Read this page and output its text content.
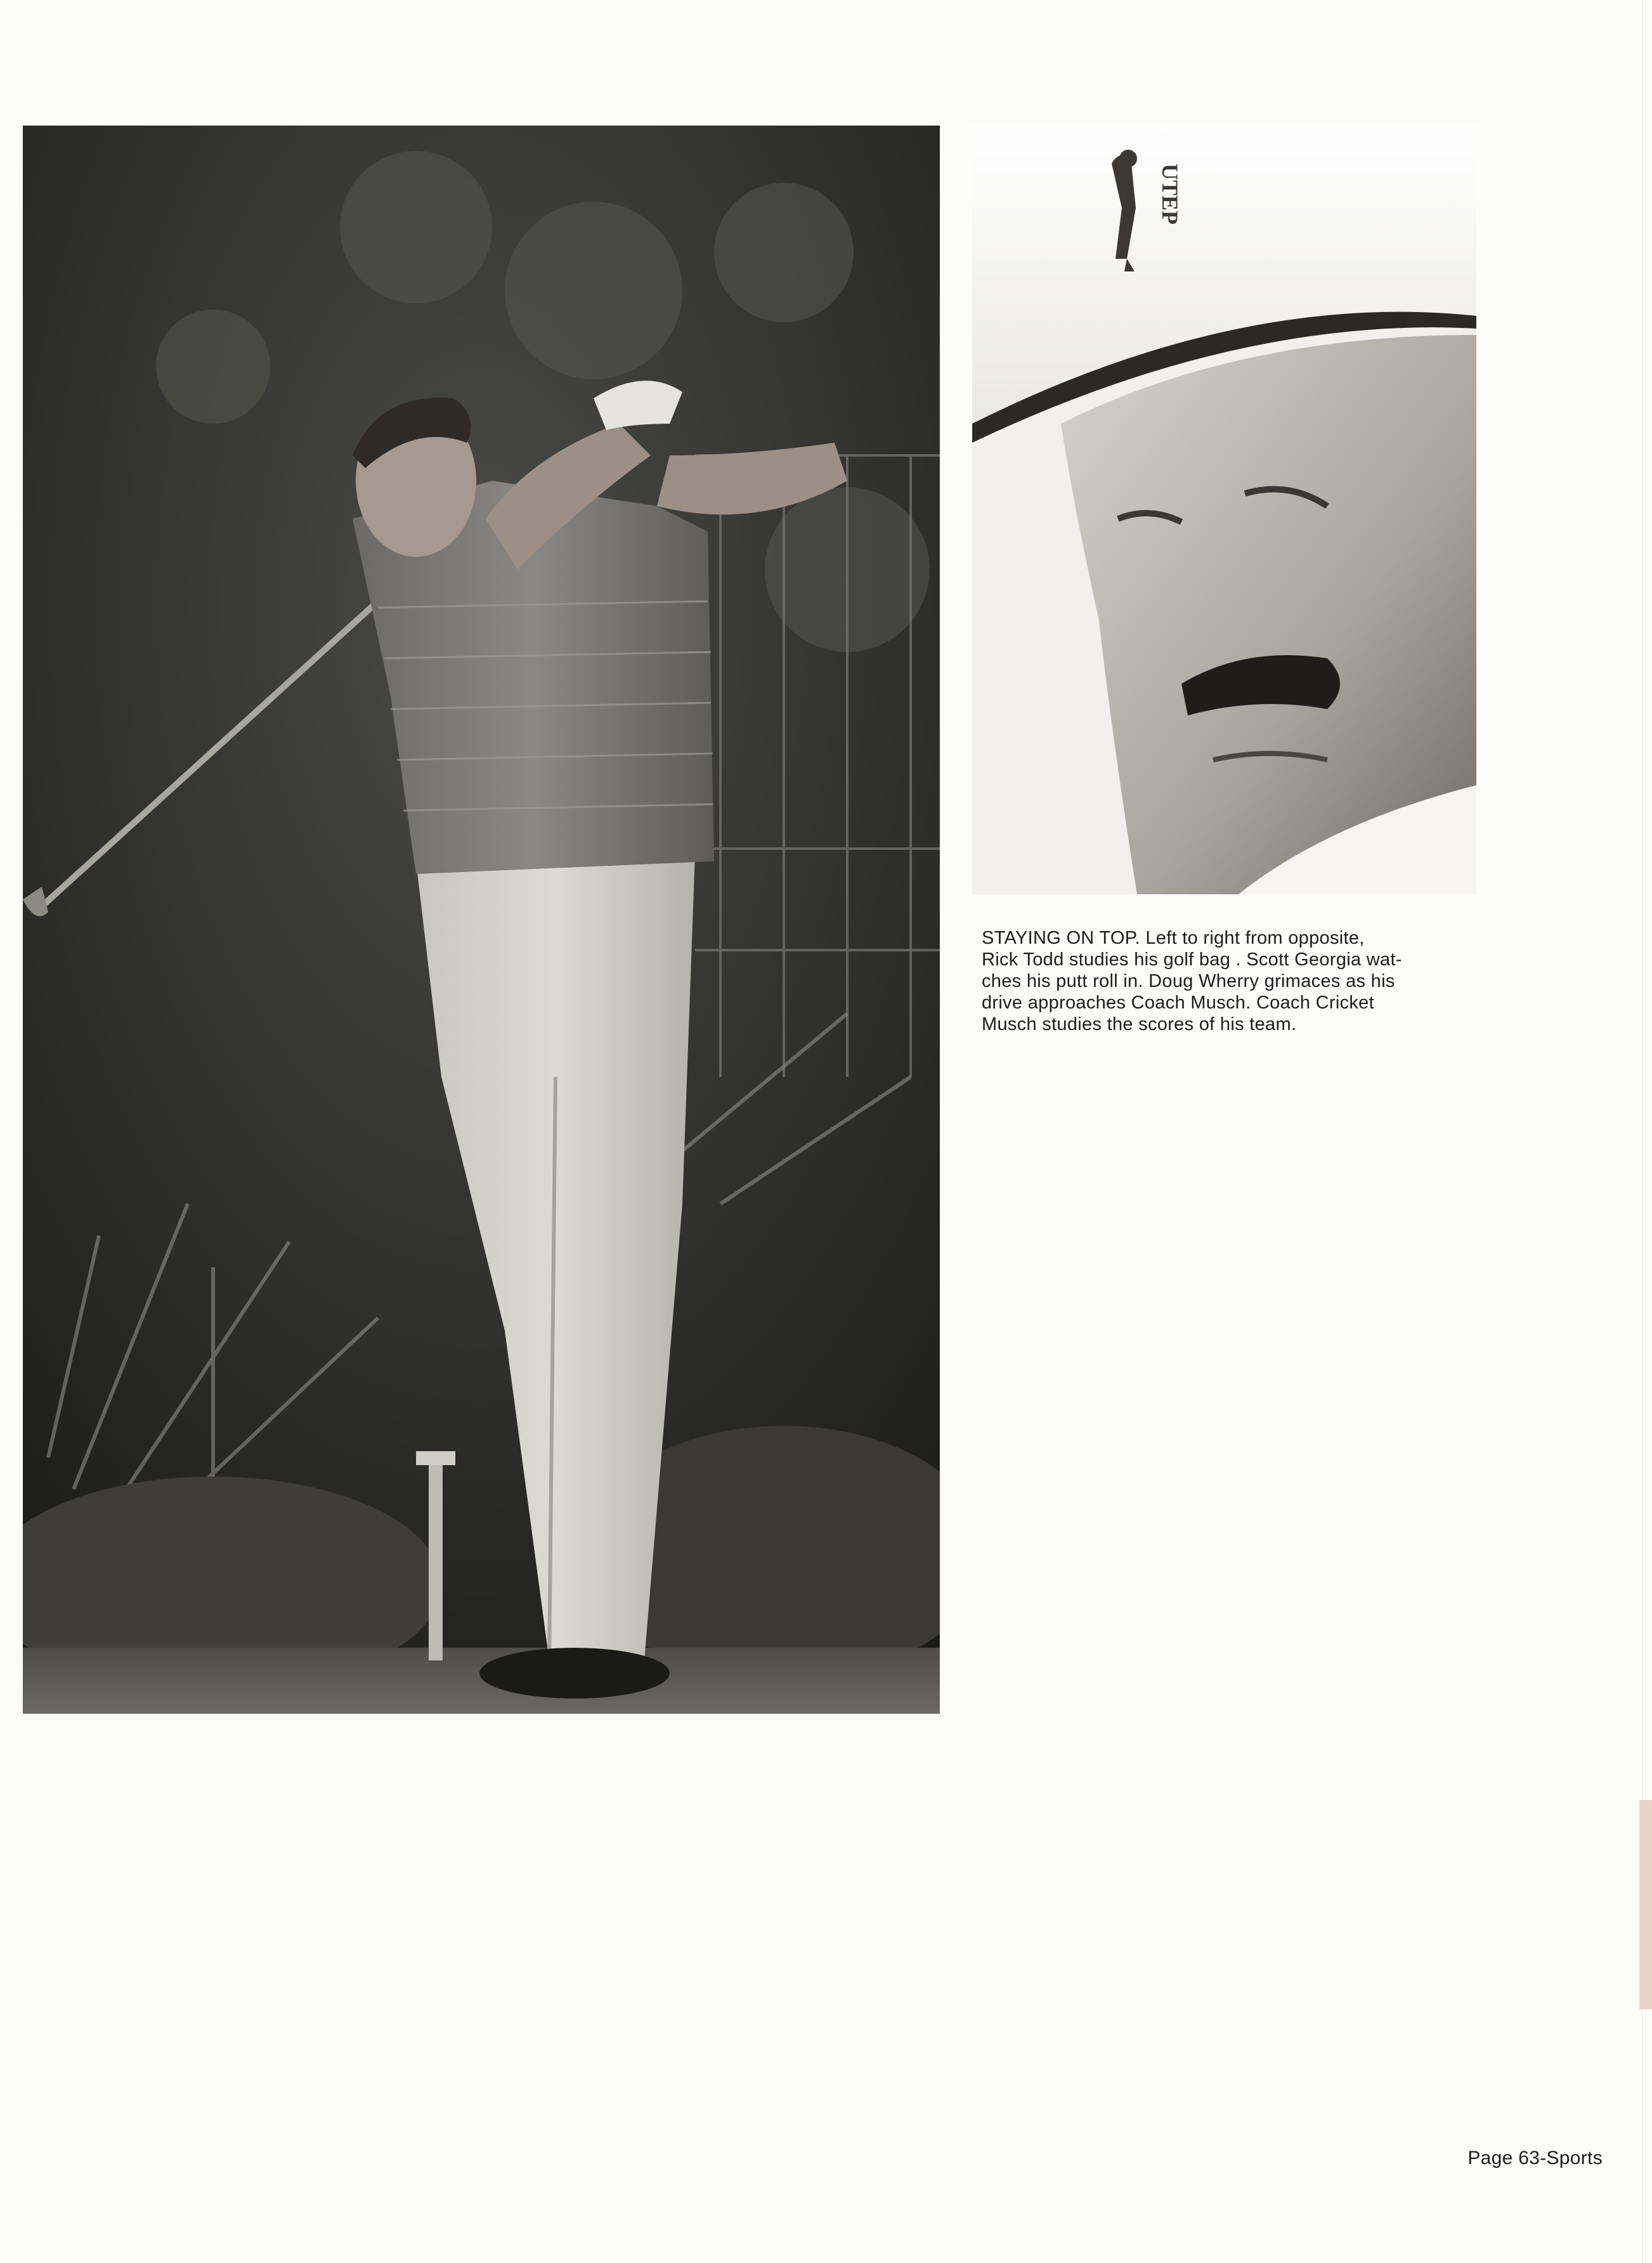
UTEP
STAYING ON TOP. Left to right from opposite,
Rick Todd studies his golf bag . Scott Georgia wat-
ches his putt roll in. Doug Wherry grimaces as his
drive approaches Coach Musch. Coach Cricket
Musch studies the scores of his team.
Page 63-Sports
